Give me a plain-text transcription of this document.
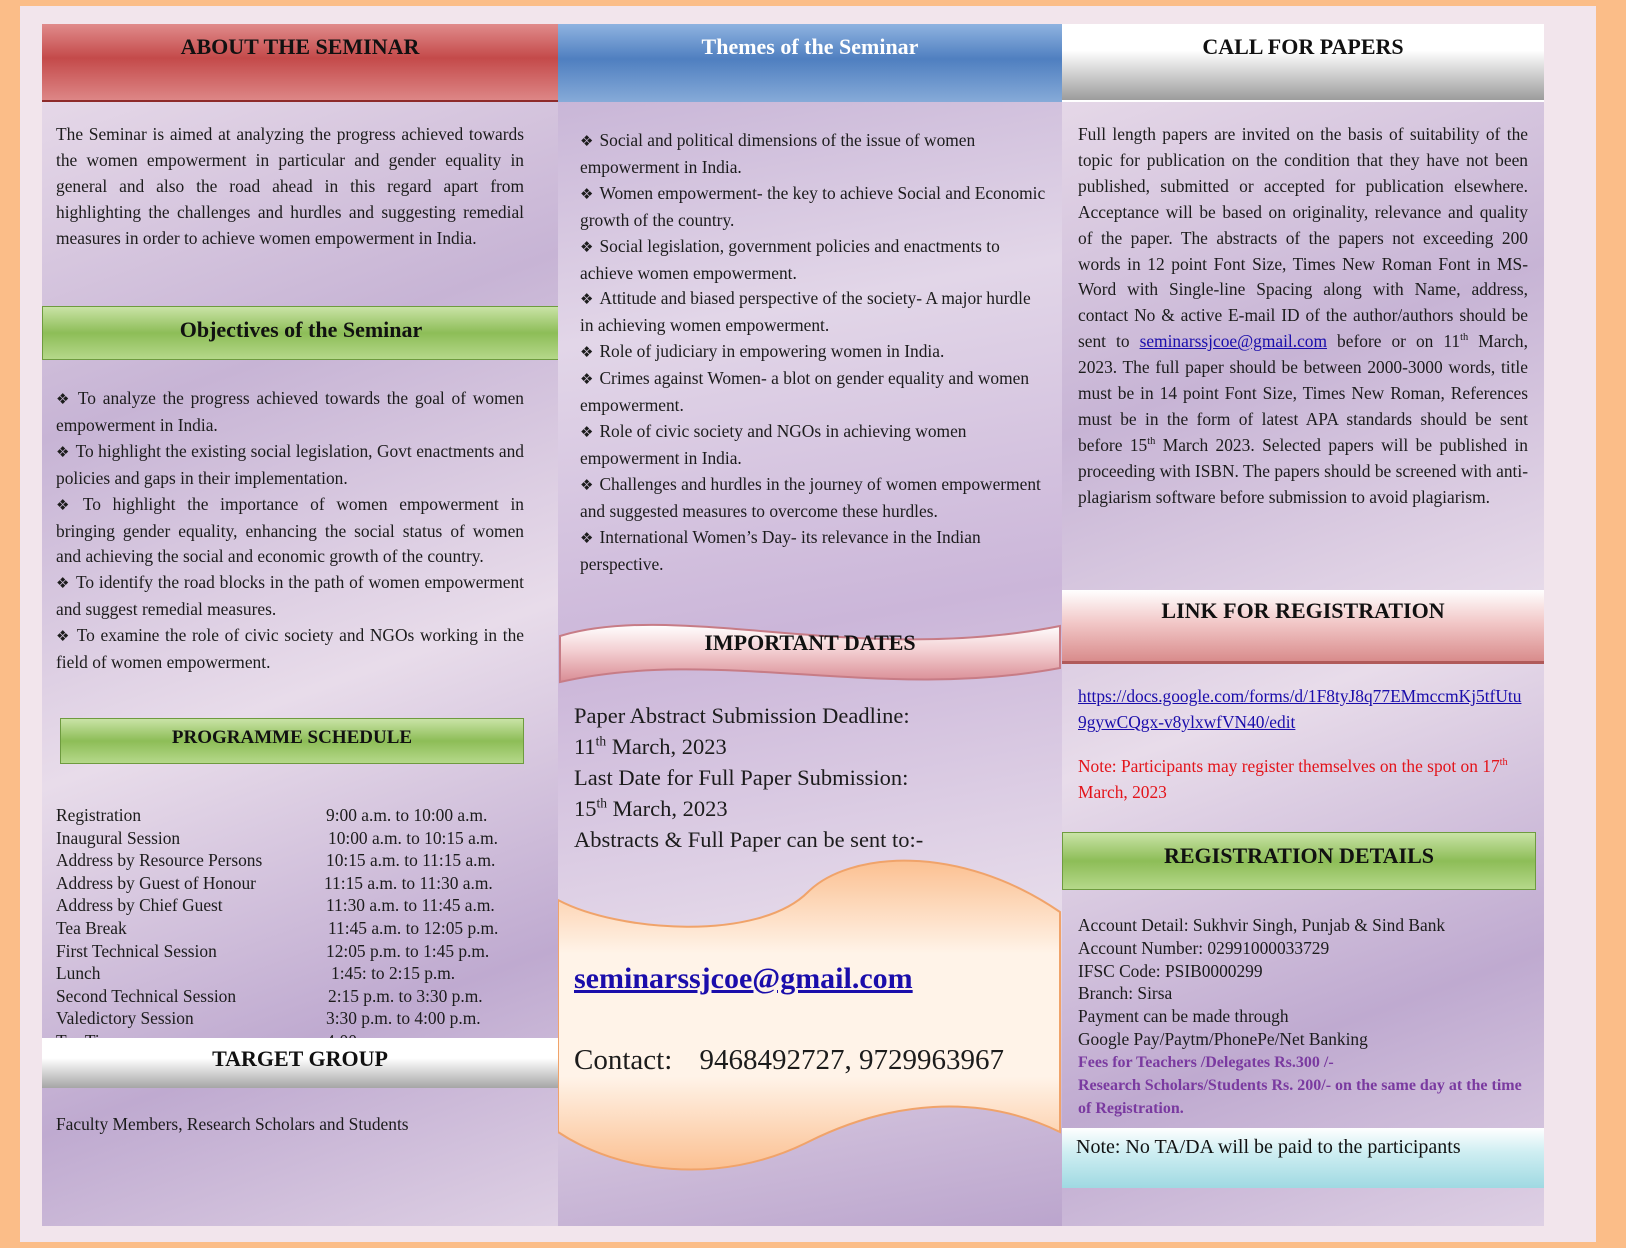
ABOUT THE SEMINAR

The Seminar is aimed at analyzing the progress achieved towards the women empowerment in particular and gender equality in general and also the road ahead in this regard apart from highlighting the challenges and hurdles and suggesting remedial measures in order to achieve women empowerment in India.

Objectives of the Seminar
❖ To analyze the progress achieved towards the goal of women empowerment in India.
❖ To highlight the existing social legislation, Govt enactments and policies and gaps in their implementation.
❖ To highlight the importance of women empowerment in bringing gender equality, enhancing the social status of women and achieving the social and economic growth of the country.
❖ To identify the road blocks in the path of women empowerment and suggest remedial measures.
❖ To examine the role of civic society and NGOs working in the field of women empowerment.
PROGRAMME SCHEDULE
Registration	9:00 a.m. to 10:00 a.m.
Inaugural Session	10:00 a.m. to 10:15 a.m.
Address by Resource Persons	10:15 a.m. to 11:15 a.m.
Address by Guest of Honour	11:15 a.m. to 11:30 a.m.
Address by Chief Guest	11:30 a.m. to 11:45 a.m.
Tea Break	11:45 a.m. to 12:05 p.m.
First Technical Session	12:05 p.m. to 1:45 p.m.
Lunch	1:45: to 2:15 p.m.
Second Technical Session	2:15 p.m. to 3:30 p.m.
Valedictory Session	3:30 p.m. to 4:00 p.m.
TARGET GROUP
Faculty Members, Research Scholars and Students
Themes of the Seminar
❖ Social and political dimensions of the issue of women empowerment in India.
❖ Women empowerment- the key to achieve Social and Economic growth of the country.
❖ Social legislation, government policies and enactments to achieve women empowerment.
❖ Attitude and biased perspective of the society- A major hurdle in achieving women empowerment.
❖ Role of judiciary in empowering women in India.
❖ Crimes against Women- a blot on gender equality and women empowerment.
❖ Role of civic society and NGOs in achieving women empowerment in India.
❖ Challenges and hurdles in the journey of women empowerment and suggested measures to overcome these hurdles.
❖ International Women’s Day- its relevance in the Indian perspective.
IMPORTANT DATES
Paper Abstract Submission Deadline:
11th March, 2023
Last Date for Full Paper Submission:
15th March, 2023
Abstracts & Full Paper can be sent to:-
seminarssjcoe@gmail.com
Contact: 9468492727, 9729963967
CALL FOR PAPERS
Full length papers are invited on the basis of suitability of the topic for publication on the condition that they have not been published, submitted or accepted for publication elsewhere. Acceptance will be based on originality, relevance and quality of the paper. The abstracts of the papers not exceeding 200 words in 12 point Font Size, Times New Roman Font in MS-Word with Single-line Spacing along with Name, address, contact No & active E-mail ID of the author/authors should be sent to seminarssjcoe@gmail.com before or on 11th March, 2023. The full paper should be between 2000-3000 words, title must be in 14 point Font Size, Times New Roman, References must be in the form of latest APA standards should be sent before 15th March 2023. Selected papers will be published in proceeding with ISBN. The papers should be screened with anti-plagiarism software before submission to avoid plagiarism.
LINK FOR REGISTRATION
https://docs.google.com/forms/d/1F8tyJ8q77EMmccmKj5tfUtu9gywCQgx-v8ylxwfVN40/edit
Note: Participants may register themselves on the spot on 17th March, 2023
REGISTRATION DETAILS
Account Detail: Sukhvir Singh, Punjab & Sind Bank
Account Number: 02991000033729
IFSC Code: PSIB0000299
Branch: Sirsa
Payment can be made through
Google Pay/Paytm/PhonePe/Net Banking
Fees for Teachers /Delegates Rs.300 /-
Research Scholars/Students Rs. 200/- on the same day at the time of Registration.
Note: No TA/DA will be paid to the participants
